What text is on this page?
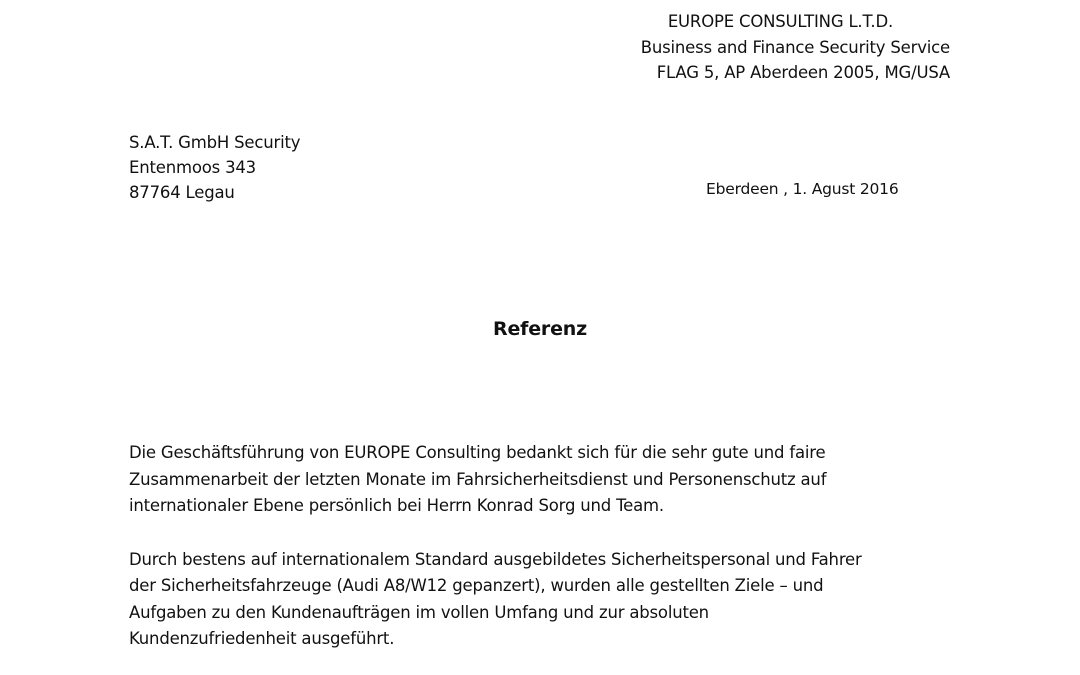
EUROPE CONSULTING L.T.D.
Business and Finance Security Service
FLAG 5, AP Aberdeen 2005, MG/USA
S.A.T. GmbH Security
Entenmoos 343
87764 Legau	Eberdeen , 1. Agust 2016
Referenz

Die Geschäftsführung von EUROPE Consulting bedankt sich für die sehr gute und faire
Zusammenarbeit der letzten Monate im Fahrsicherheitsdienst und Personenschutz auf
internationaler Ebene persönlich bei Herrn Konrad Sorg und Team.

Durch bestens auf internationalem Standard ausgebildetes Sicherheitspersonal und Fahrer
der Sicherheitsfahrzeuge (Audi A8/W12 gepanzert), wurden alle gestellten Ziele – und
Aufgaben zu den Kundenaufträgen im vollen Umfang und zur absoluten
Kundenzufriedenheit ausgeführt.
